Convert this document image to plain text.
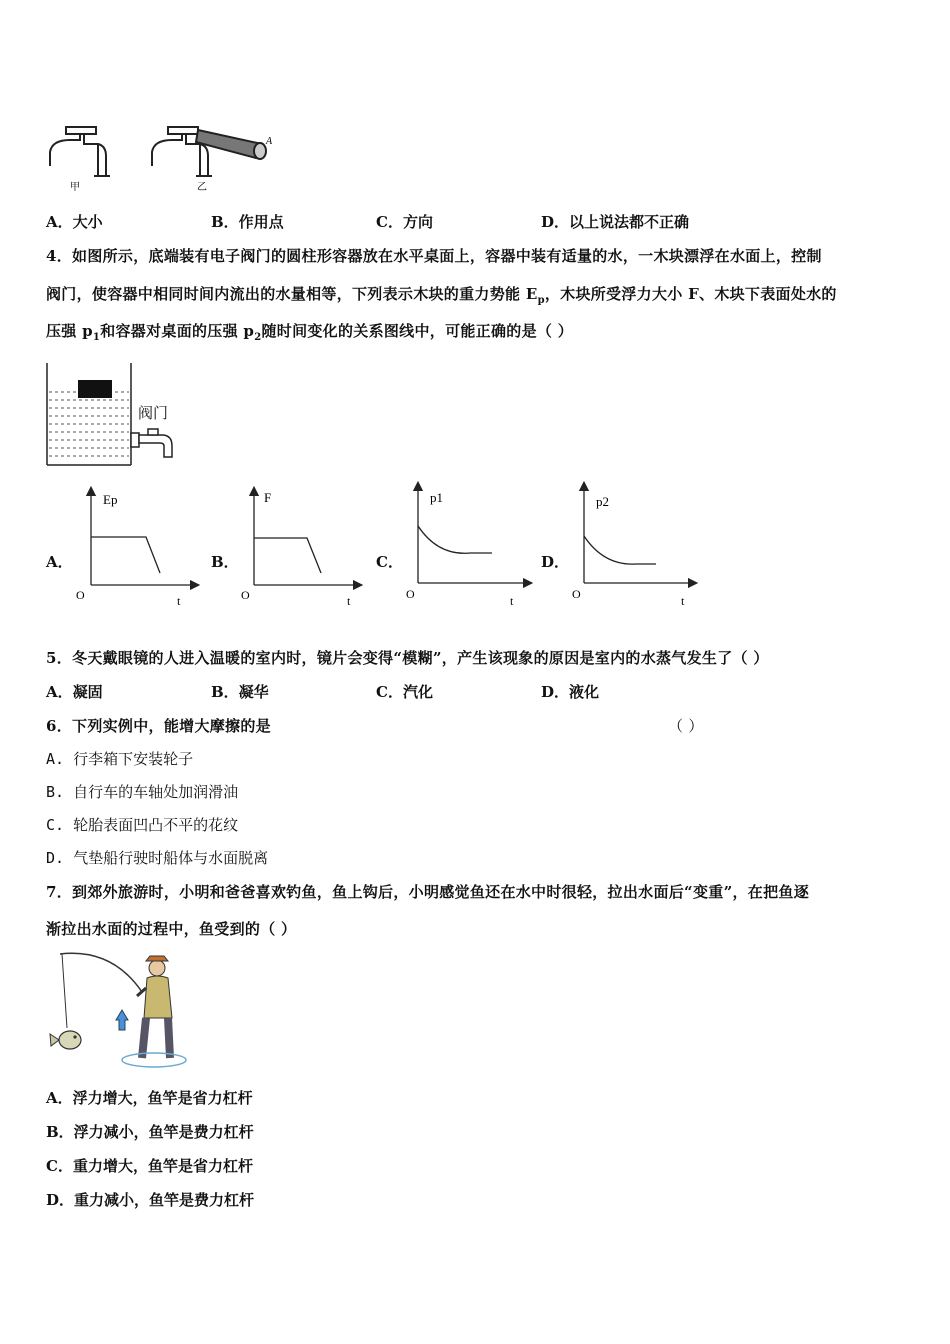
甲
A
乙
A．大小	B．作用点	C．方向	D．以上说法都不正确
4．如图所示，底端装有电子阀门的圆柱形容器放在水平桌面上，容器中装有适量的水，一木块漂浮在水面上，控制
阀门，使容器中相同时间内流出的水量相等，下列表示木块的重力势能 $E_p$，木块所受浮力大小 F、木块下表面处水的
压强 $p_1$和容器对桌面的压强 $p_2$随时间变化的关系图线中，可能正确的是（ ）
阀门
A．	B．	C．	D．
Ep
O	t
F
O	t
p1
O	t
p2
O	t
5．冬天戴眼镜的人进入温暖的室内时，镜片会变得“模糊”，产生该现象的原因是室内的水蒸气发生了（ ）
A．凝固	B．凝华	C．汽化	D．液化
6．下列实例中，能增大摩擦的是	（ ）
A. 行李箱下安装轮子
B. 自行车的车轴处加润滑油
C. 轮胎表面凹凸不平的花纹
D. 气垫船行驶时船体与水面脱离
7．到郊外旅游时，小明和爸爸喜欢钓鱼，鱼上钩后，小明感觉鱼还在水中时很轻，拉出水面后“变重”，在把鱼逐
渐拉出水面的过程中，鱼受到的（ ）
A．浮力增大，鱼竿是省力杠杆
B．浮力减小，鱼竿是费力杠杆
C．重力增大，鱼竿是省力杠杆
D．重力减小，鱼竿是费力杠杆
